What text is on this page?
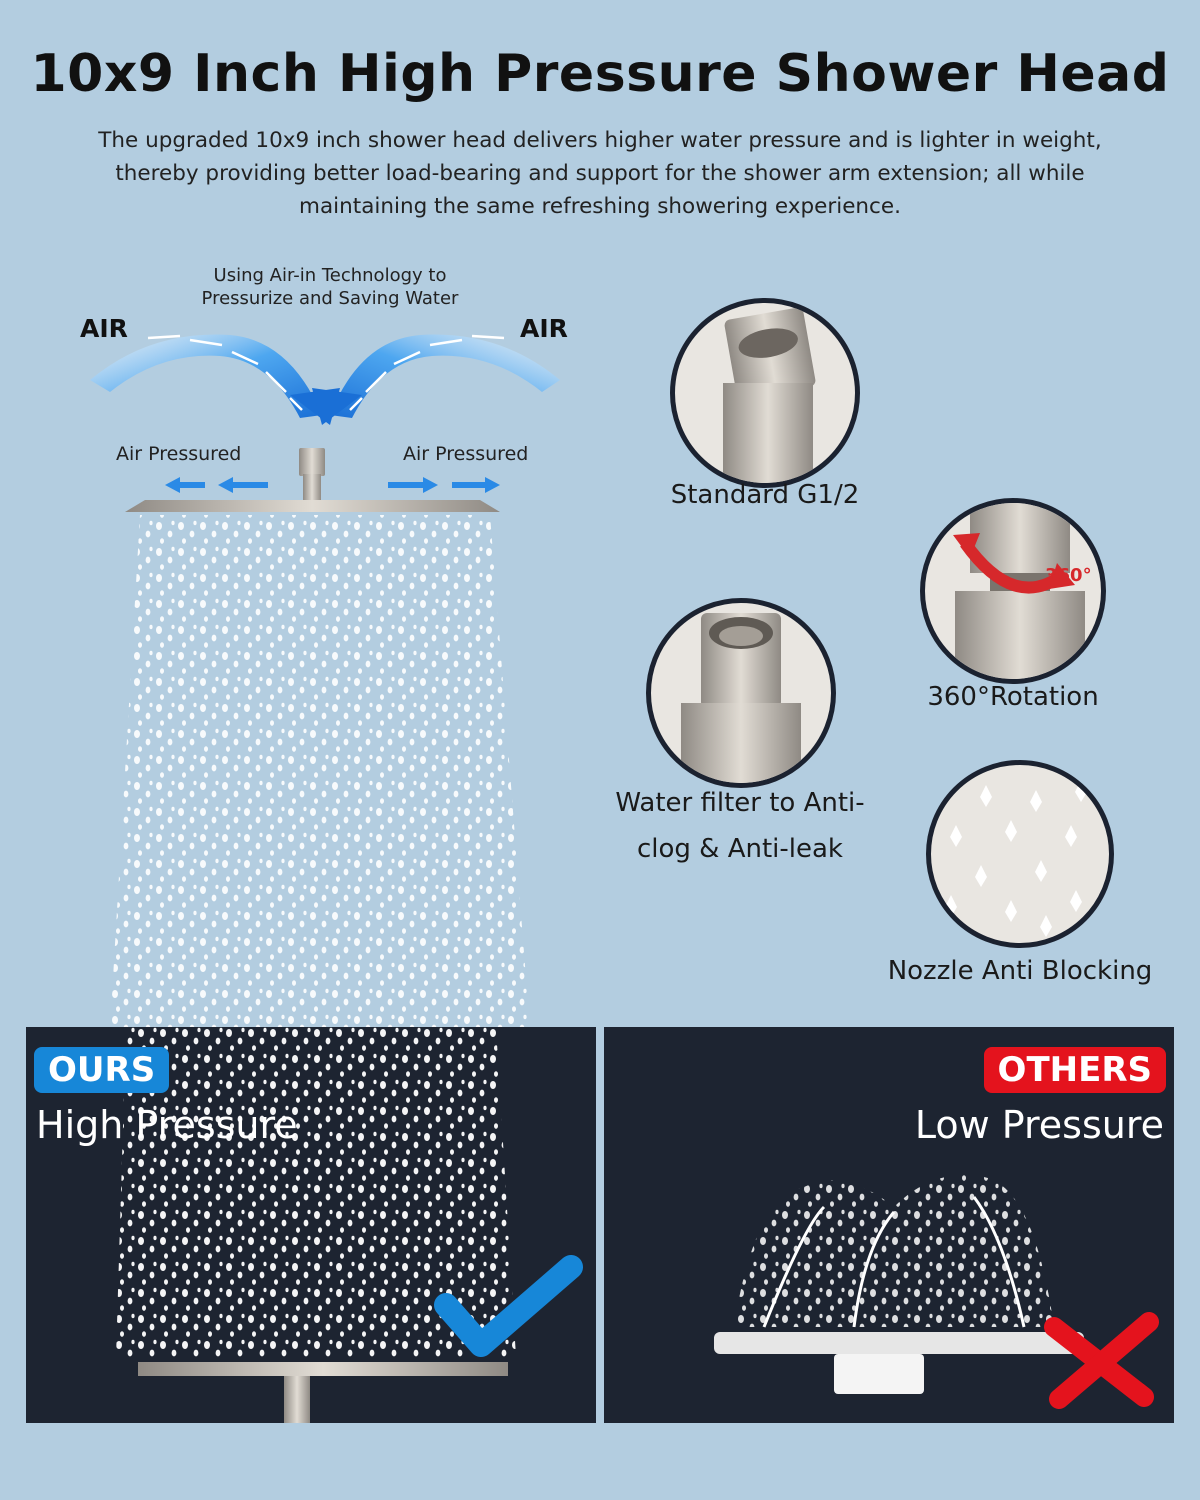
10x9 Inch High Pressure Shower Head
The upgraded 10x9 inch shower head delivers higher water pressure and is lighter in weight,
thereby providing better load-bearing and support for the shower arm extension; all while
maintaining the same refreshing showering experience.
Using Air-in Technology to
Pressurize and Saving Water
AIR	AIR
Air Pressured	Air Pressured
Standard G1/2
360°
360°Rotation
Water filter to Anti-
clog & Anti-leak
Nozzle Anti Blocking
OURS
High Pressure
OTHERS
Low Pressure
